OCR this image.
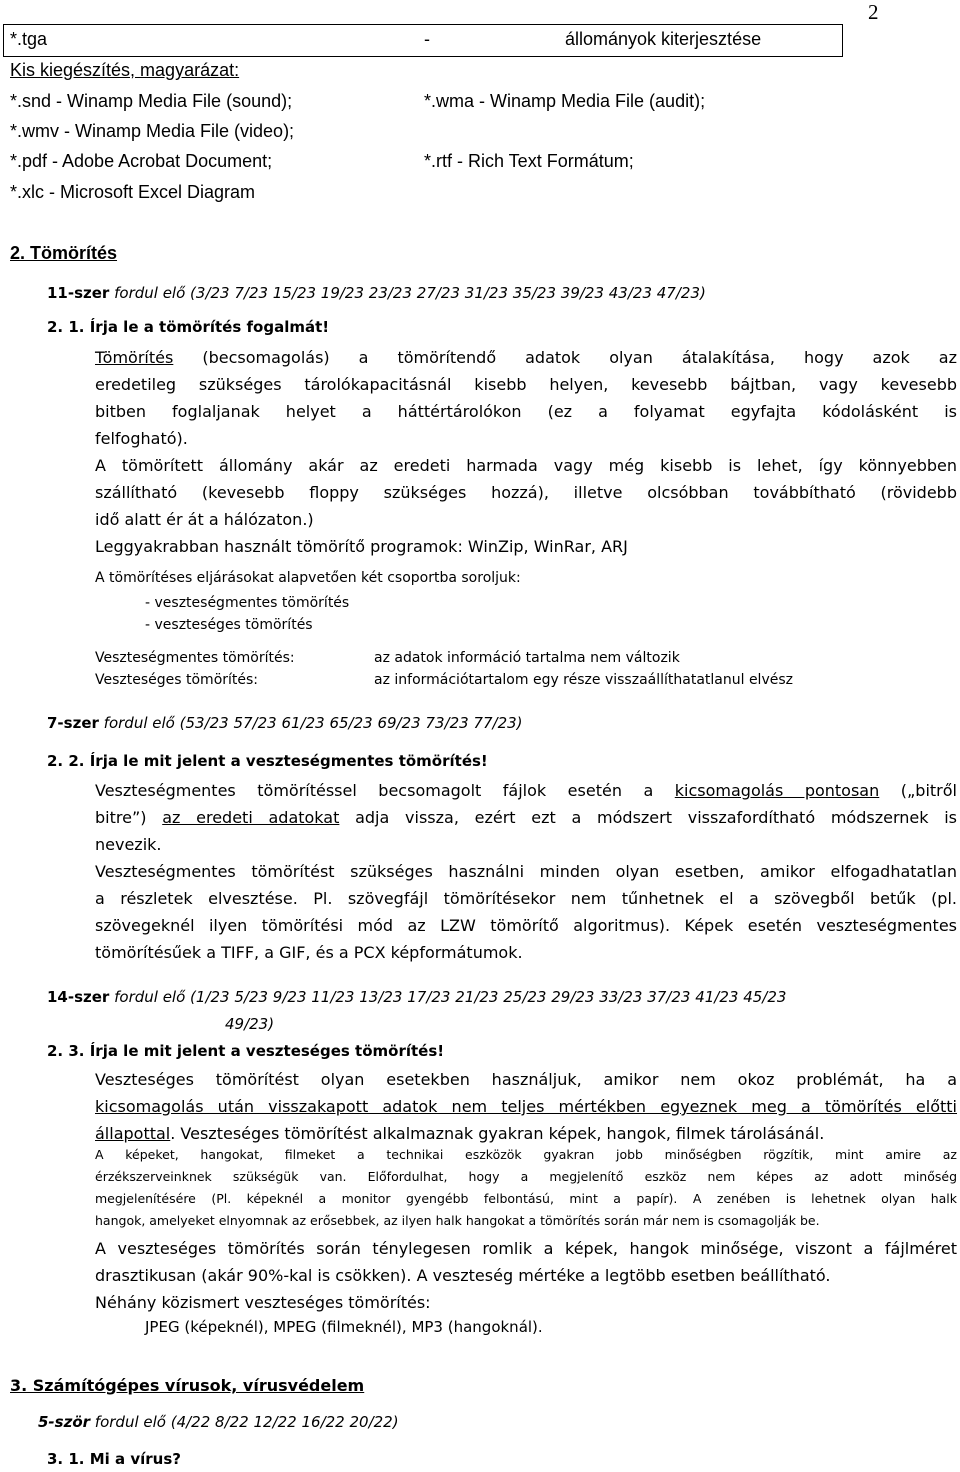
2
*.tga	-	állományok kiterjesztése
Kis kiegészítés, magyarázat:
*.snd - Winamp Media File (sound);	*.wma - Winamp Media File (audit);
*.wmv - Winamp Media File (video);
*.pdf - Adobe Acrobat Document;	*.rtf - Rich Text Formátum;
*.xlc - Microsoft Excel Diagram
2. Tömörítés
11-szer fordul elő (3/23 7/23 15/23 19/23 23/23 27/23 31/23 35/23 39/23 43/23 47/23)
2. 1. Írja le a tömörítés fogalmát!
Tömörítés (becsomagolás) a tömörítendő adatok olyan átalakítása, hogy azok az
eredetileg szükséges tárolókapacitásnál kisebb helyen, kevesebb bájtban, vagy kevesebb
bitben foglaljanak helyet a háttértárolókon (ez a folyamat egyfajta kódolásként is
felfogható).
A tömörített állomány akár az eredeti harmada vagy még kisebb is lehet, így könnyebben
szállítható (kevesebb floppy szükséges hozzá), illetve olcsóbban továbbítható (rövidebb
idő alatt ér át a hálózaton.)
Leggyakrabban használt tömörítő programok: WinZip, WinRar, ARJ
A tömörítéses eljárásokat alapvetően két csoportba soroljuk:
- veszteségmentes tömörítés
- veszteséges tömörítés
Veszteségmentes tömörítés:	az adatok információ tartalma nem változik
Veszteséges tömörítés:	az információtartalom egy része visszaállíthatatlanul elvész
7-szer fordul elő (53/23 57/23 61/23 65/23 69/23 73/23 77/23)
2. 2. Írja le mit jelent a veszteségmentes tömörítés!
Veszteségmentes tömörítéssel becsomagolt fájlok esetén a kicsomagolás pontosan („bitről
bitre”) az eredeti adatokat adja vissza, ezért ezt a módszert visszafordítható módszernek is
nevezik.
Veszteségmentes tömörítést szükséges használni minden olyan esetben, amikor elfogadhatatlan
a részletek elvesztése. Pl. szövegfájl tömörítésekor nem tűnhetnek el a szövegből betűk (pl.
szövegeknél ilyen tömörítési mód az LZW tömörítő algoritmus). Képek esetén veszteségmentes
tömörítésűek a TIFF, a GIF, és a PCX képformátumok.
14-szer fordul elő (1/23 5/23 9/23 11/23 13/23 17/23 21/23 25/23 29/23 33/23 37/23 41/23 45/23
49/23)
2. 3. Írja le mit jelent a veszteséges tömörítés!
Veszteséges tömörítést olyan esetekben használjuk, amikor nem okoz problémát, ha a
kicsomagolás után visszakapott adatok nem teljes mértékben egyeznek meg a tömörítés előtti
állapottal. Veszteséges tömörítést alkalmaznak gyakran képek, hangok, filmek tárolásánál.
A képeket, hangokat, filmeket a technikai eszközök gyakran jobb minőségben rögzítik, mint amire az
érzékszerveinknek szükségük van. Előfordulhat, hogy a megjelenítő eszköz nem képes az adott minőség
megjelenítésére (Pl. képeknél a monitor gyengébb felbontású, mint a papír). A zenében is lehetnek olyan halk
hangok, amelyeket elnyomnak az erősebbek, az ilyen halk hangokat a tömörítés során már nem is csomagolják be.
A veszteséges tömörítés során ténylegesen romlik a képek, hangok minősége, viszont a fájlméret
drasztikusan (akár 90%-kal is csökken). A veszteség mértéke a legtöbb esetben beállítható.
Néhány közismert veszteséges tömörítés:
JPEG (képeknél), MPEG (filmeknél), MP3 (hangoknál).
3. Számítógépes vírusok, vírusvédelem
5-ször fordul elő (4/22 8/22 12/22 16/22 20/22)
3. 1. Mi a vírus?
